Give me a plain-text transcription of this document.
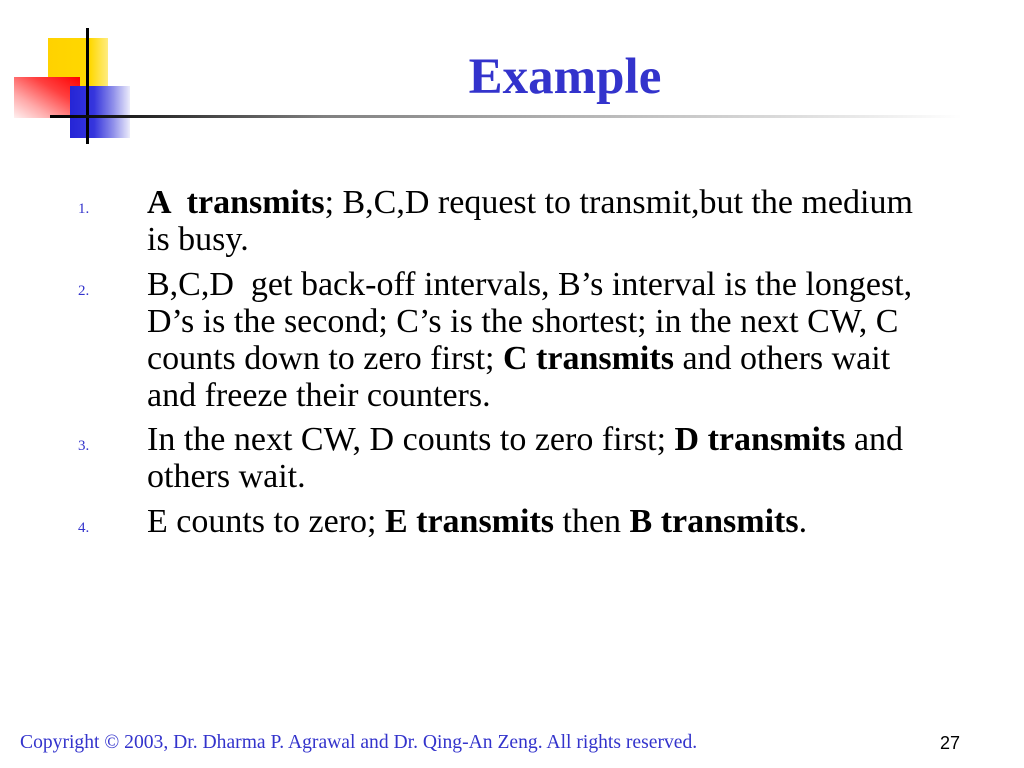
Example
1.	A  transmits; B,C,D request to transmit,but the medium
is busy.
2.	B,C,D  get back-off intervals, B’s interval is the longest,
D’s is the second; C’s is the shortest; in the next CW, C
counts down to zero first; C transmits and others wait
and freeze their counters.
3.	In the next CW, D counts to zero first; D transmits and
others wait.
4.	E counts to zero; E transmits then B transmits.
Copyright © 2003, Dr. Dharma P. Agrawal and Dr. Qing-An Zeng. All rights reserved.	27
